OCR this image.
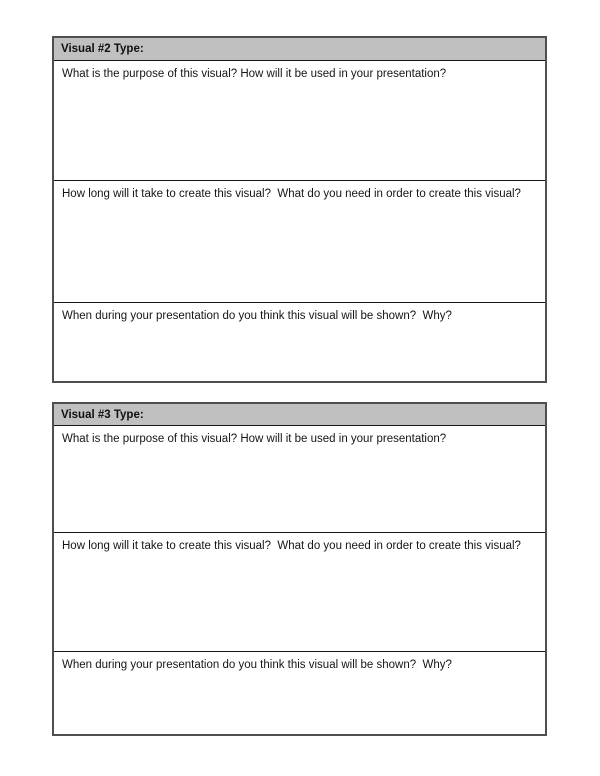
Visual #2 Type:
What is the purpose of this visual? How will it be used in your presentation?
How long will it take to create this visual?  What do you need in order to create this visual?
When during your presentation do you think this visual will be shown?  Why?
Visual #3 Type:
What is the purpose of this visual? How will it be used in your presentation?
How long will it take to create this visual?  What do you need in order to create this visual?
When during your presentation do you think this visual will be shown?  Why?
